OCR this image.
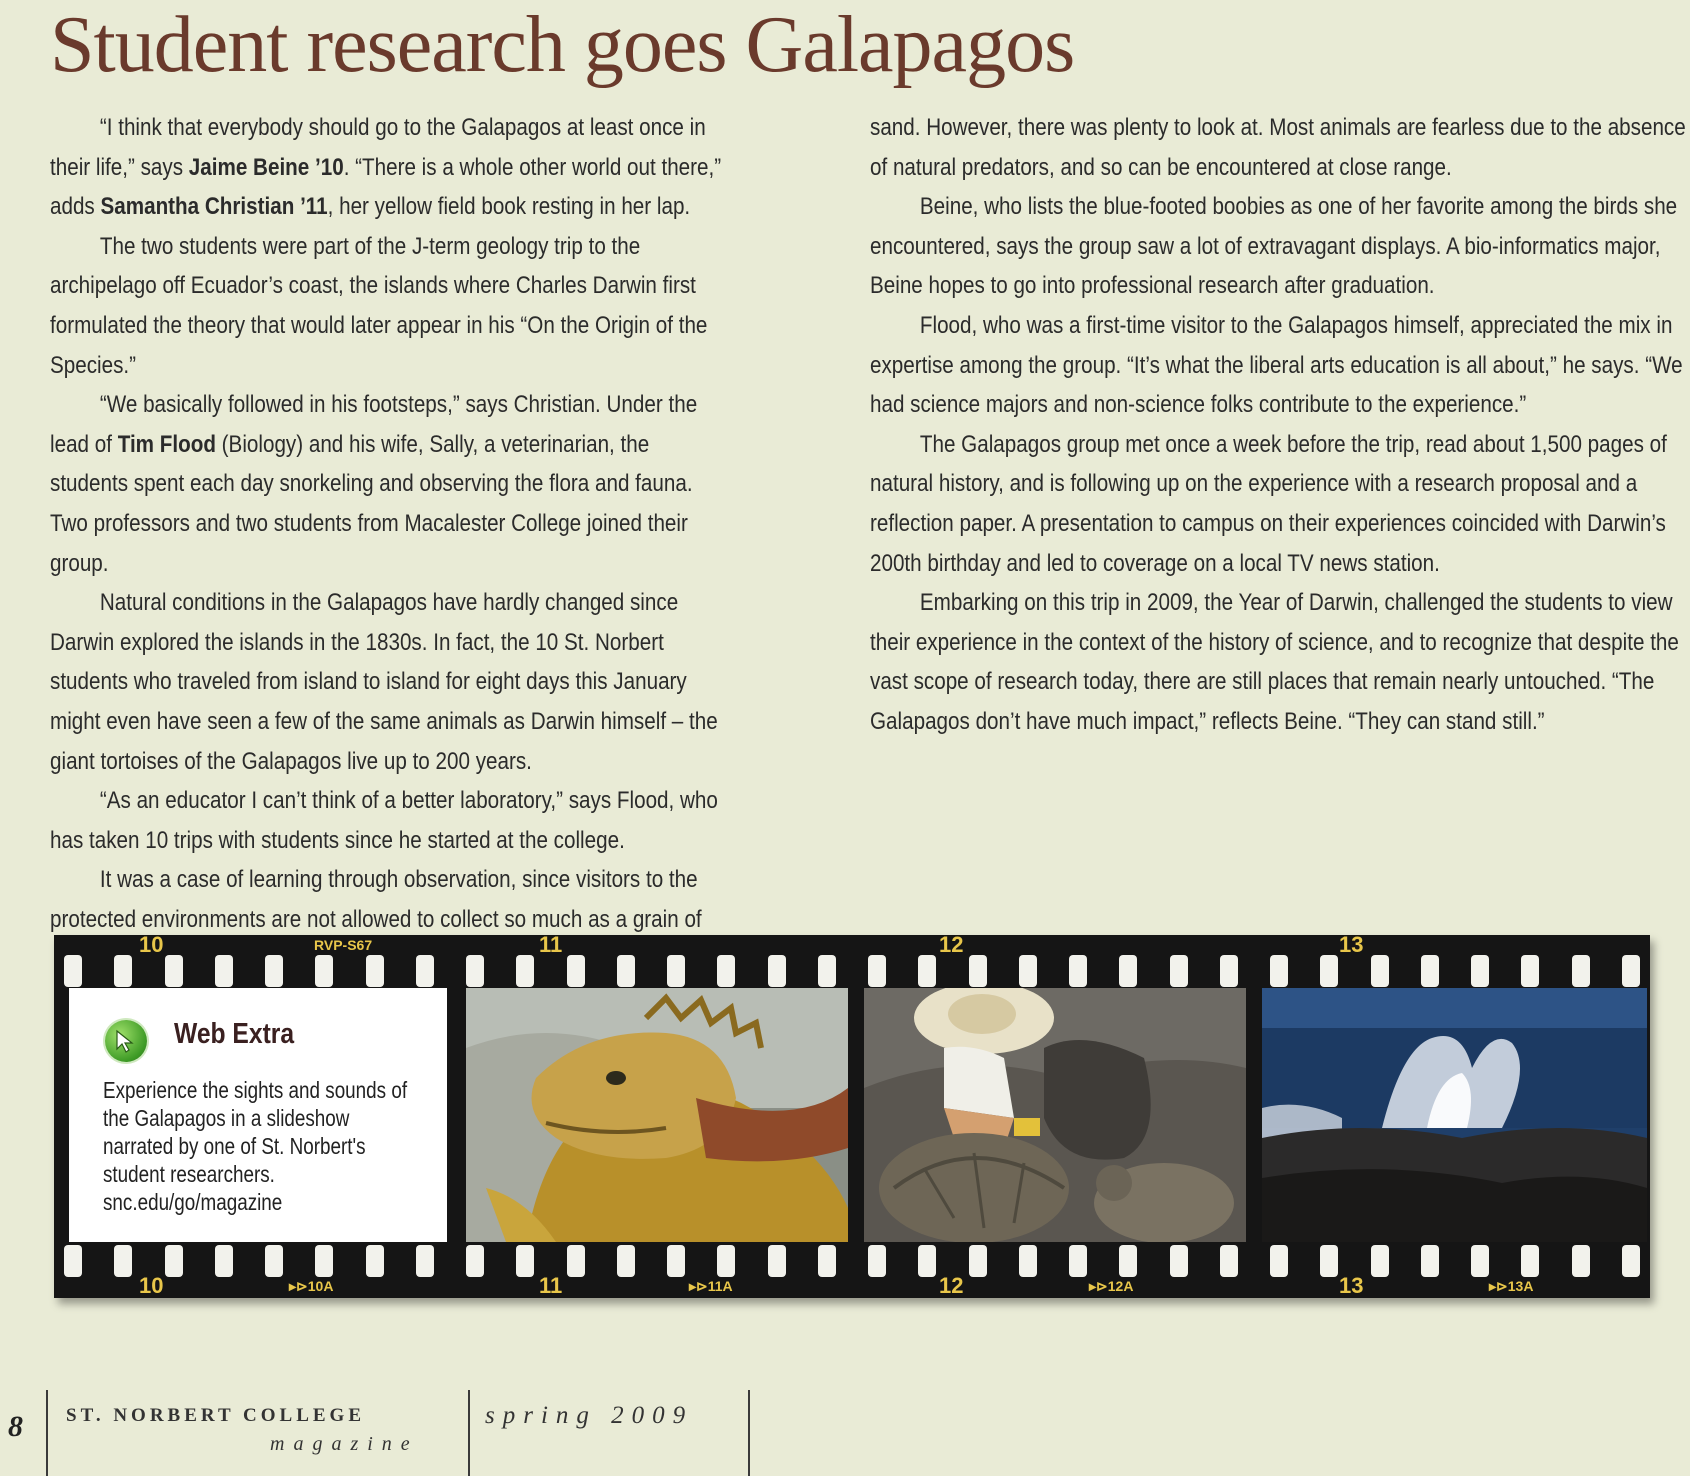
Student research goes Galapagos

“I think that everybody should go to the Galapagos at least once in their life,” says Jaime Beine ’10. “There is a whole other world out there,” adds Samantha Christian ’11, her yellow field book resting in her lap.

The two students were part of the J-term geology trip to the archipelago off Ecuador’s coast, the islands where Charles Darwin first formulated the theory that would later appear in his “On the Origin of the Species.”

“We basically followed in his footsteps,” says Christian. Under the lead of Tim Flood (Biology) and his wife, Sally, a veterinarian, the students spent each day snorkeling and observing the flora and fauna. Two professors and two students from Macalester College joined their group.

Natural conditions in the Galapagos have hardly changed since Darwin explored the islands in the 1830s. In fact, the 10 St. Norbert students who traveled from island to island for eight days this January might even have seen a few of the same animals as Darwin himself – the giant tortoises of the Galapagos live up to 200 years.

“As an educator I can’t think of a better laboratory,” says Flood, who has taken 10 trips with students since he started at the college.

It was a case of learning through observation, since visitors to the protected environments are not allowed to collect so much as a grain of

sand. However, there was plenty to look at. Most animals are fearless due to the absence of natural predators, and so can be encountered at close range.

Beine, who lists the blue-footed boobies as one of her favorite among the birds she encountered, says the group saw a lot of extravagant displays. A bio-informatics major, Beine hopes to go into professional research after graduation.

Flood, who was a first-time visitor to the Galapagos himself, appreciated the mix in expertise among the group. “It’s what the liberal arts education is all about,” he says. “We had science majors and non-science folks contribute to the experience.”

The Galapagos group met once a week before the trip, read about 1,500 pages of natural history, and is following up on the experience with a research proposal and a reflection paper. A presentation to campus on their experiences coincided with Darwin’s 200th birthday and led to coverage on a local TV news station.

Embarking on this trip in 2009, the Year of Darwin, challenged the students to view their experience in the context of the history of science, and to recognize that despite the vast scope of research today, there are still places that remain nearly untouched. “The Galapagos don’t have much impact,” reflects Beine. “They can stand still.”

10	RVP-S67	11	12	13
10	▸⊳10A	11	▸⊳11A	12	▸⊳12A	13	▸⊳13A
Web Extra
Experience the sights and sounds of the Galapagos in a slideshow narrated by one of St. Norbert's student researchers.
snc.edu/go/magazine
8 ST. NORBERT COLLEGE
magazine
spring 2009
